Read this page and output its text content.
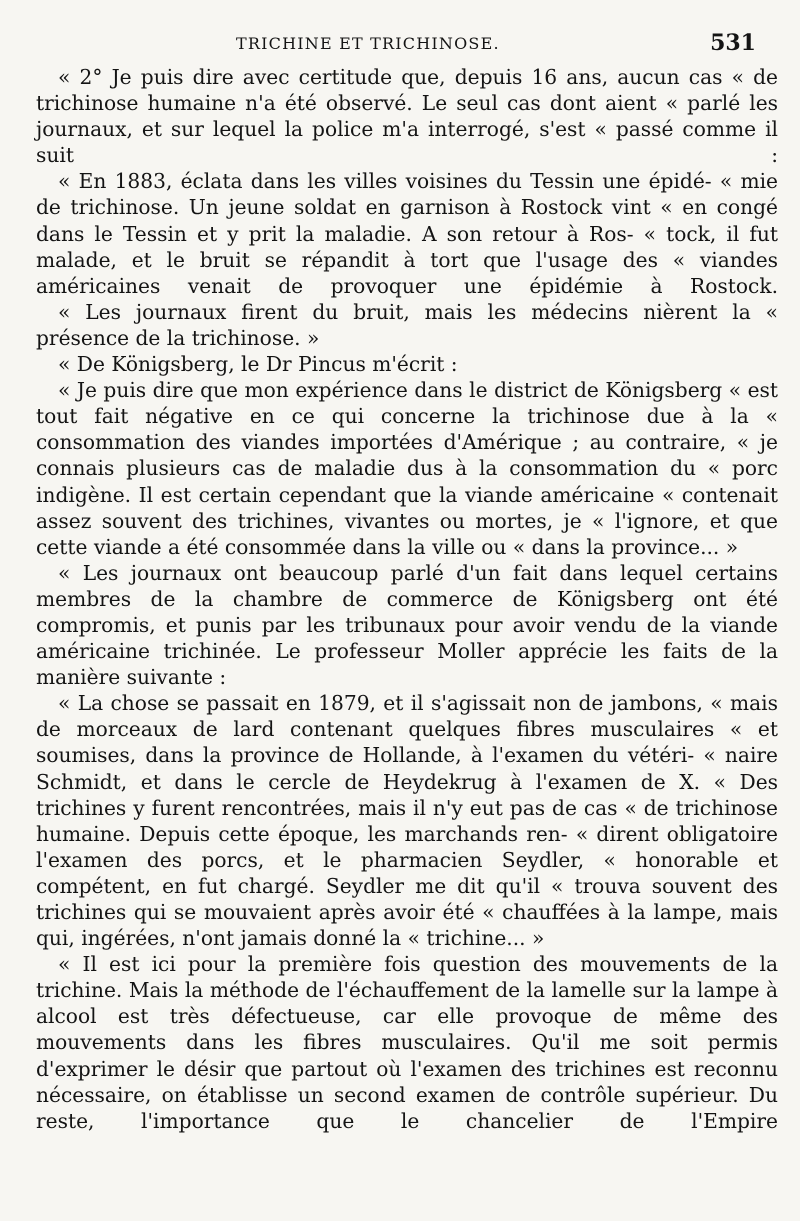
TRICHINE ET TRICHINOSE.	531

« 2° Je puis dire avec certitude que, depuis 16 ans, aucun cas « de trichinose humaine n'a été observé. Le seul cas dont aient « parlé les journaux, et sur lequel la police m'a interrogé, s'est « passé comme il suit :

« En 1883, éclata dans les villes voisines du Tessin une épidé- « mie de trichinose. Un jeune soldat en garnison à Rostock vint « en congé dans le Tessin et y prit la maladie. A son retour à Ros- « tock, il fut malade, et le bruit se répandit à tort que l'usage des « viandes américaines venait de provoquer une épidémie à Rostock.

« Les journaux firent du bruit, mais les médecins nièrent la « présence de la trichinose. »

« De Königsberg, le Dr Pincus m'écrit :

« Je puis dire que mon expérience dans le district de Königsberg « est tout fait négative en ce qui concerne la trichinose due à la « consommation des viandes importées d'Amérique ; au contraire, « je connais plusieurs cas de maladie dus à la consommation du « porc indigène. Il est certain cependant que la viande américaine « contenait assez souvent des trichines, vivantes ou mortes, je « l'ignore, et que cette viande a été consommée dans la ville ou « dans la province... »

« Les journaux ont beaucoup parlé d'un fait dans lequel certains membres de la chambre de commerce de Königsberg ont été compromis, et punis par les tribunaux pour avoir vendu de la viande américaine trichinée. Le professeur Moller apprécie les faits de la manière suivante :

« La chose se passait en 1879, et il s'agissait non de jambons, « mais de morceaux de lard contenant quelques fibres musculaires « et soumises, dans la province de Hollande, à l'examen du vétéri- « naire Schmidt, et dans le cercle de Heydekrug à l'examen de X. « Des trichines y furent rencontrées, mais il n'y eut pas de cas « de trichinose humaine. Depuis cette époque, les marchands ren- « dirent obligatoire l'examen des porcs, et le pharmacien Seydler, « honorable et compétent, en fut chargé. Seydler me dit qu'il « trouva souvent des trichines qui se mouvaient après avoir été « chauffées à la lampe, mais qui, ingérées, n'ont jamais donné la « trichine... »

« Il est ici pour la première fois question des mouvements de la trichine. Mais la méthode de l'échauffement de la lamelle sur la lampe à alcool est très défectueuse, car elle provoque de même des mouvements dans les fibres musculaires. Qu'il me soit permis d'exprimer le désir que partout où l'examen des trichines est reconnu nécessaire, on établisse un second examen de contrôle supérieur. Du reste, l'importance que le chancelier de l'Empire
